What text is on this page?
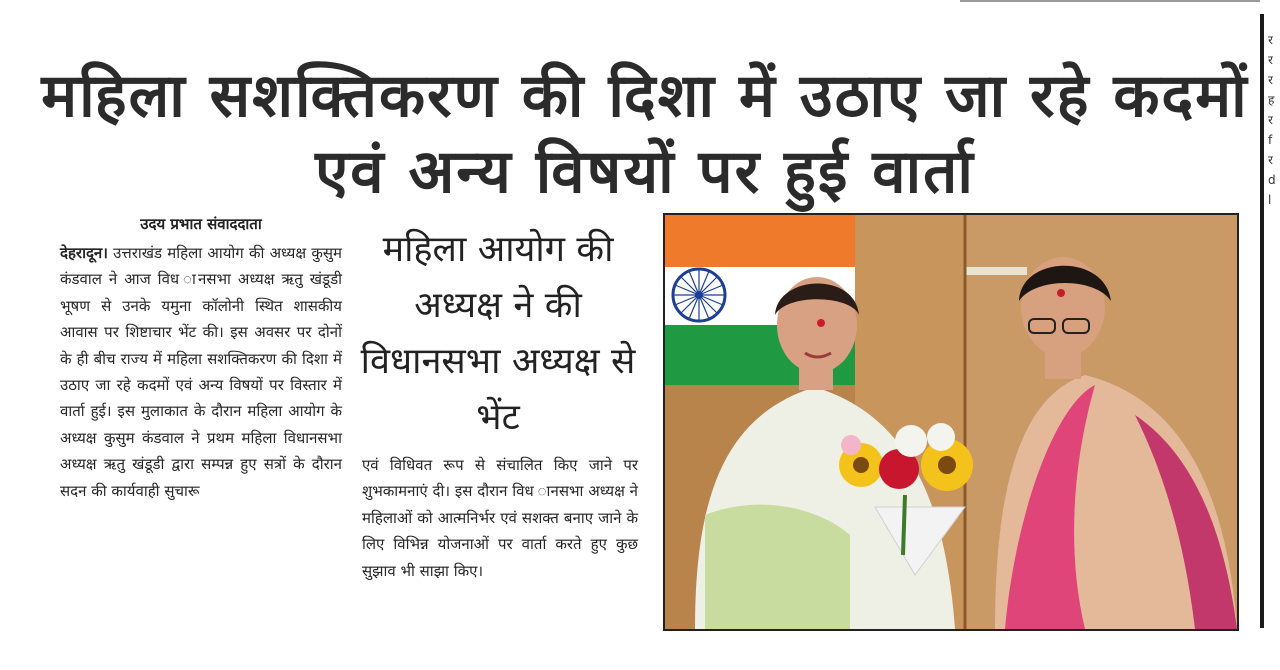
महिला सशक्तिकरण की दिशा में उठाए जा रहे कदमों एवं अन्य विषयों पर हुई वार्ता
उदय प्रभात संवाददाता

देहरादून। उत्तराखंड महिला आयोग की अध्यक्ष कुसुम कंडवाल ने आज विध ानसभा अध्यक्ष ऋतु खंडूडी भूषण से उनके यमुना कॉलोनी स्थित शासकीय आवास पर शिष्टाचार भेंट की। इस अवसर पर दोनों के ही बीच राज्य में महिला सशक्तिकरण की दिशा में उठाए जा रहे कदमों एवं अन्य विषयों पर विस्तार में वार्ता हुई। इस मुलाकात के दौरान महिला आयोग के अध्यक्ष कुसुम कंडवाल ने प्रथम महिला विधानसभा अध्यक्ष ऋतु खंडूडी द्वारा सम्पन्न हुए सत्रों के दौरान सदन की कार्यवाही सुचारू

महिला आयोग की अध्यक्ष ने की विधानसभा अध्यक्ष से भेंट

एवं विधिवत रूप से संचालित किए जाने पर शुभकामनाएं दी। इस दौरान विध ानसभा अध्यक्ष ने महिलाओं को आत्मनिर्भर एवं सशक्त बनाए जाने के लिए विभिन्न योजनाओं पर वार्ता करते हुए कुछ सुझाव भी साझा किए।

र
र
र
ह
र
f
र
d
l
